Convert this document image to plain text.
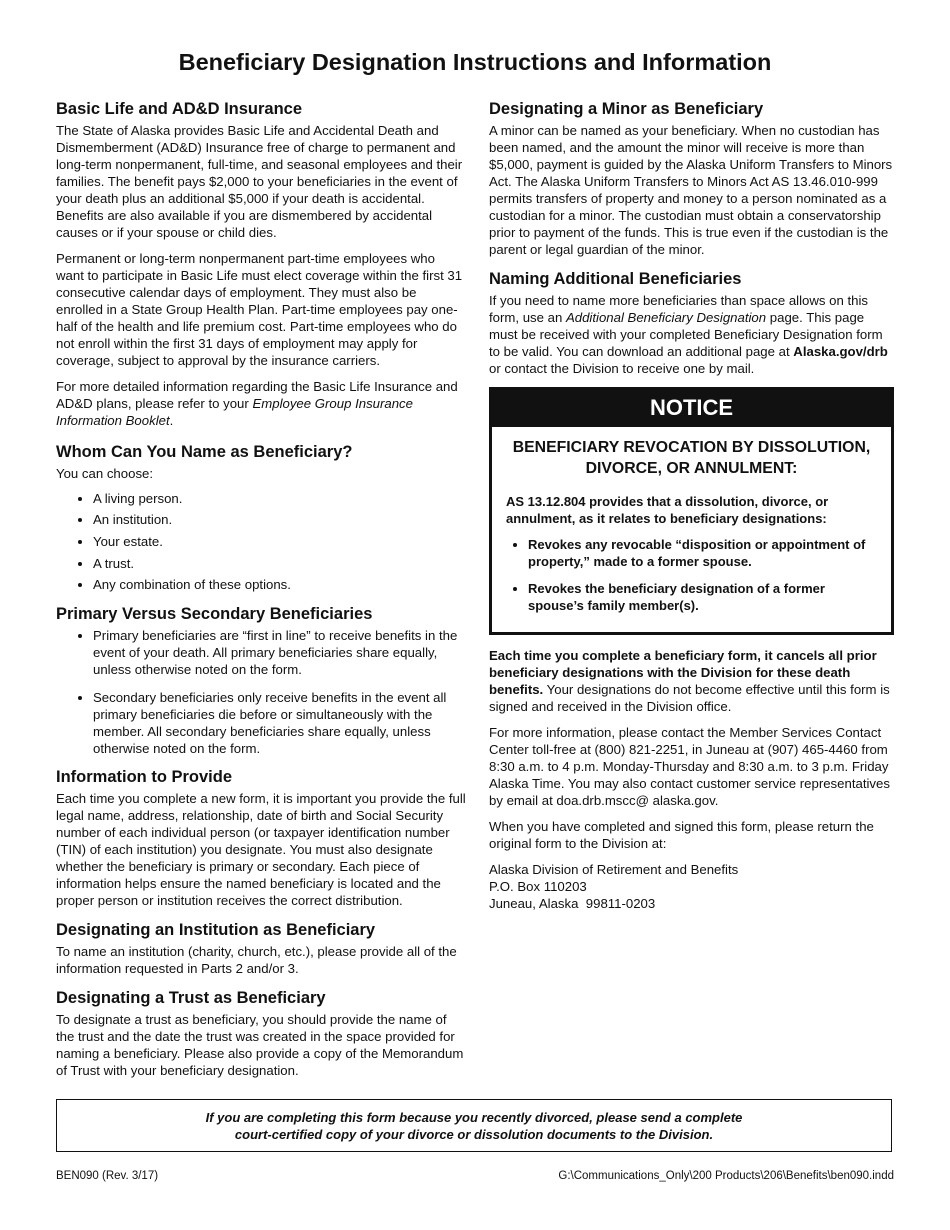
Beneficiary Designation Instructions and Information
Basic Life and AD&D Insurance

The State of Alaska provides Basic Life and Accidental Death and Dismemberment (AD&D) Insurance free of charge to permanent and long-term nonpermanent, full-time, and seasonal employees and their families. The benefit pays $2,000 to your beneficiaries in the event of your death plus an additional $5,000 if your death is accidental. Benefits are also available if you are dismembered by accidental causes or if your spouse or child dies.

Permanent or long-term nonpermanent part-time employees who want to participate in Basic Life must elect coverage within the first 31 consecutive calendar days of employment. They must also be enrolled in a State Group Health Plan. Part-time employees pay one-half of the health and life premium cost. Part-time employees who do not enroll within the first 31 days of employment may apply for coverage, subject to approval by the insurance carriers.

For more detailed information regarding the Basic Life Insurance and AD&D plans, please refer to your Employee Group Insurance Information Booklet.

Whom Can You Name as Beneficiary?

You can choose:

• A living person.
• An institution.
• Your estate.
• A trust.
• Any combination of these options.
Primary Versus Secondary Beneficiaries
• Primary beneficiaries are “first in line” to receive benefits in the event of your death. All primary beneficiaries share equally, unless otherwise noted on the form.
• Secondary beneficiaries only receive benefits in the event all primary beneficiaries die before or simultaneously with the member. All secondary beneficiaries share equally, unless otherwise noted on the form.
Information to Provide

Each time you complete a new form, it is important you provide the full legal name, address, relationship, date of birth and Social Security number of each individual person (or taxpayer identification number (TIN) of each institution) you designate. You must also designate whether the beneficiary is primary or secondary. Each piece of information helps ensure the named beneficiary is located and the proper person or institution receives the correct distribution.

Designating an Institution as Beneficiary

To name an institution (charity, church, etc.), please provide all of the information requested in Parts 2 and/or 3.

Designating a Trust as Beneficiary

To designate a trust as beneficiary, you should provide the name of the trust and the date the trust was created in the space provided for naming a beneficiary. Please also provide a copy of the Memorandum of Trust with your beneficiary designation.

Designating a Minor as Beneficiary

A minor can be named as your beneficiary. When no custodian has been named, and the amount the minor will receive is more than $5,000, payment is guided by the Alaska Uniform Transfers to Minors Act. The Alaska Uniform Transfers to Minors Act AS 13.46.010-999 permits transfers of property and money to a person nominated as a custodian for a minor. The custodian must obtain a conservatorship prior to payment of the funds. This is true even if the custodian is the parent or legal guardian of the minor.

Naming Additional Beneficiaries

If you need to name more beneficiaries than space allows on this form, use an Additional Beneficiary Designation page. This page must be received with your completed Beneficiary Designation form to be valid. You can download an additional page at Alaska.gov/drb or contact the Division to receive one by mail.

NOTICE
BENEFICIARY REVOCATION BY DISSOLUTION, DIVORCE, OR ANNULMENT:

AS 13.12.804 provides that a dissolution, divorce, or annulment, as it relates to beneficiary designations:

• Revokes any revocable “disposition or appointment of property,” made to a former spouse.
• Revokes the beneficiary designation of a former spouse’s family member(s).

Each time you complete a beneficiary form, it cancels all prior beneficiary designations with the Division for these death benefits. Your designations do not become effective until this form is signed and received in the Division office.

For more information, please contact the Member Services Contact Center toll-free at (800) 821-2251, in Juneau at (907) 465-4460 from 8:30 a.m. to 4 p.m. Monday-Thursday and 8:30 a.m. to 3 p.m. Friday Alaska Time. You may also contact customer service representatives by email at doa.drb.mscc@ alaska.gov.

When you have completed and signed this form, please return the original form to the Division at:

Alaska Division of Retirement and Benefits
P.O. Box 110203
Juneau, Alaska  99811-0203

If you are completing this form because you recently divorced, please send a complete
court-certified copy of your divorce or dissolution documents to the Division.

BEN090 (Rev. 3/17)	G:\Communications_Only\200 Products\206\Benefits\ben090.indd
